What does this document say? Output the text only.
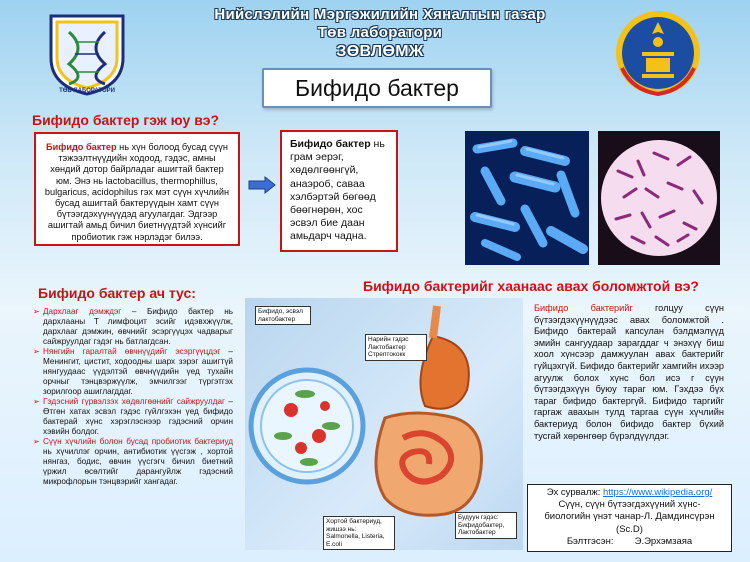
Нийслэлийн Мэргэжилийн Хяналтын газар
Төв лаборатори
ЗӨВЛӨМЖ
ТӨВ ЛАБОРАТОРИ	Бифидо бактер
Бифидо бактер гэж юу вэ?
Бифидо бактер нь хүн болоод бусад сүүн тэжээлтнүүдийн ходоод, гэдэс, амны хөндий дотор байрладаг ашигтай бактер юм. Энэ нь lactobacillus, thermophillus, bulgaricus, acidophilus гэх мэт сүүн хүчлийн бусад ашигтай бактерүүдын хамт сүүн бүтээгдэхүүнүүдэд агуулагдаг. Эдгээр ашигтай амьд бичил биетнүүдтэй хүнсийг пробиотик гэж нэрлэдэг билээ.
Бифидо бактер нь грам эерэг, хөдөлгөөнгүй, анаэроб, савaa хэлбэртэй бөгөөд бөөгнөрөн, хос эсвэл бие даан амьдарч чадна.
Бифидо бактер ач тус:
➢ Дархлааг дэмждэг – Бифидо бактер нь дархлааны Т лимфоцит эсийг идэвхжүүлж, дархлааг дэмжин, өвчнийг эсэргүүцэх чадварыг сайжруулдаг гэдэг нь батлагдсан.
➢ Нянгийн гаралтай өвчнүүдийг эсэргүүцдэг – Менингит, цистит, ходоодны шарх зэрэг ашигтүй нянгуудаас үүдэлтэй өвчнүүдийн үед тухайн орчныг тэнцвэржүүлж, эмчилгээг түргэтгэх зорилгоор ашиглагддаг.
➢ Гэдэсний гүрвэлзэх хөдөлгөөнийг сайжруулдаг – Өтгөн хатах эсвэл гэдэс гүйлгэхэн үед бифидо бактерай хүнс хэрэглэснээр гэдэсний орчин хэвийн болдог.
➢ Сүүн хүчлийн болон бусад пробиотик бактериуд нь хүчиллэг орчин, антибиотик үүсгэж , хортой нянгаз, бодис, өвчин үүсгэгч бичил биетний үржил өсөлтийг дарангуйлж гэдэсний микрофлорын тэнцвэрийг хангадаг.
Бифидо бактерийг хаанаас авах боломжтой вэ?
Бифидо, эсвэл лактобактер
Нарийн гэдэс
Лактобактер
Стрептококк
Хортой бактериуд, жишээ нь: Salmonella, Listeria, E.coli
Будуун гэдэс: Бифидобактер, Лактобактер
Бифидо бактерийг голцуу сүүн бүтээгдэхүүнүүдээс авах боломжтой . Бифидо бактерай капсулан бэлдмэлүүд эмийн сангуудаар зарагддаг ч энэхүү биш хоол хүнсээр дамжуулан авах бактерийг гүйцэхгүй. Бифидо бактерийг хамгийн ихээр агуулж болох хүнс бол исэ г сүүн бүтээгдэхүүн буюу тараг юм. Гэхдээ бүх тараг бифидо бактергүй. Бифидо таргийг гаргаж авахын тулд таргаа сүүн хүчлийн бактериуд болон бифидо бактер бүхий тусгай хөрөнгөөр бүрэлдүүлдэг.
Эх сурвалж: https://www.wikipedia.org/
Сүүн, сүүн бүтээгдэхүүний хүнс-
биологийн үнэт чанар-Л. Дамдинсүрэн
(Sc.D)
Бэлтгэсэн: Э.Эрхэмзаяа
